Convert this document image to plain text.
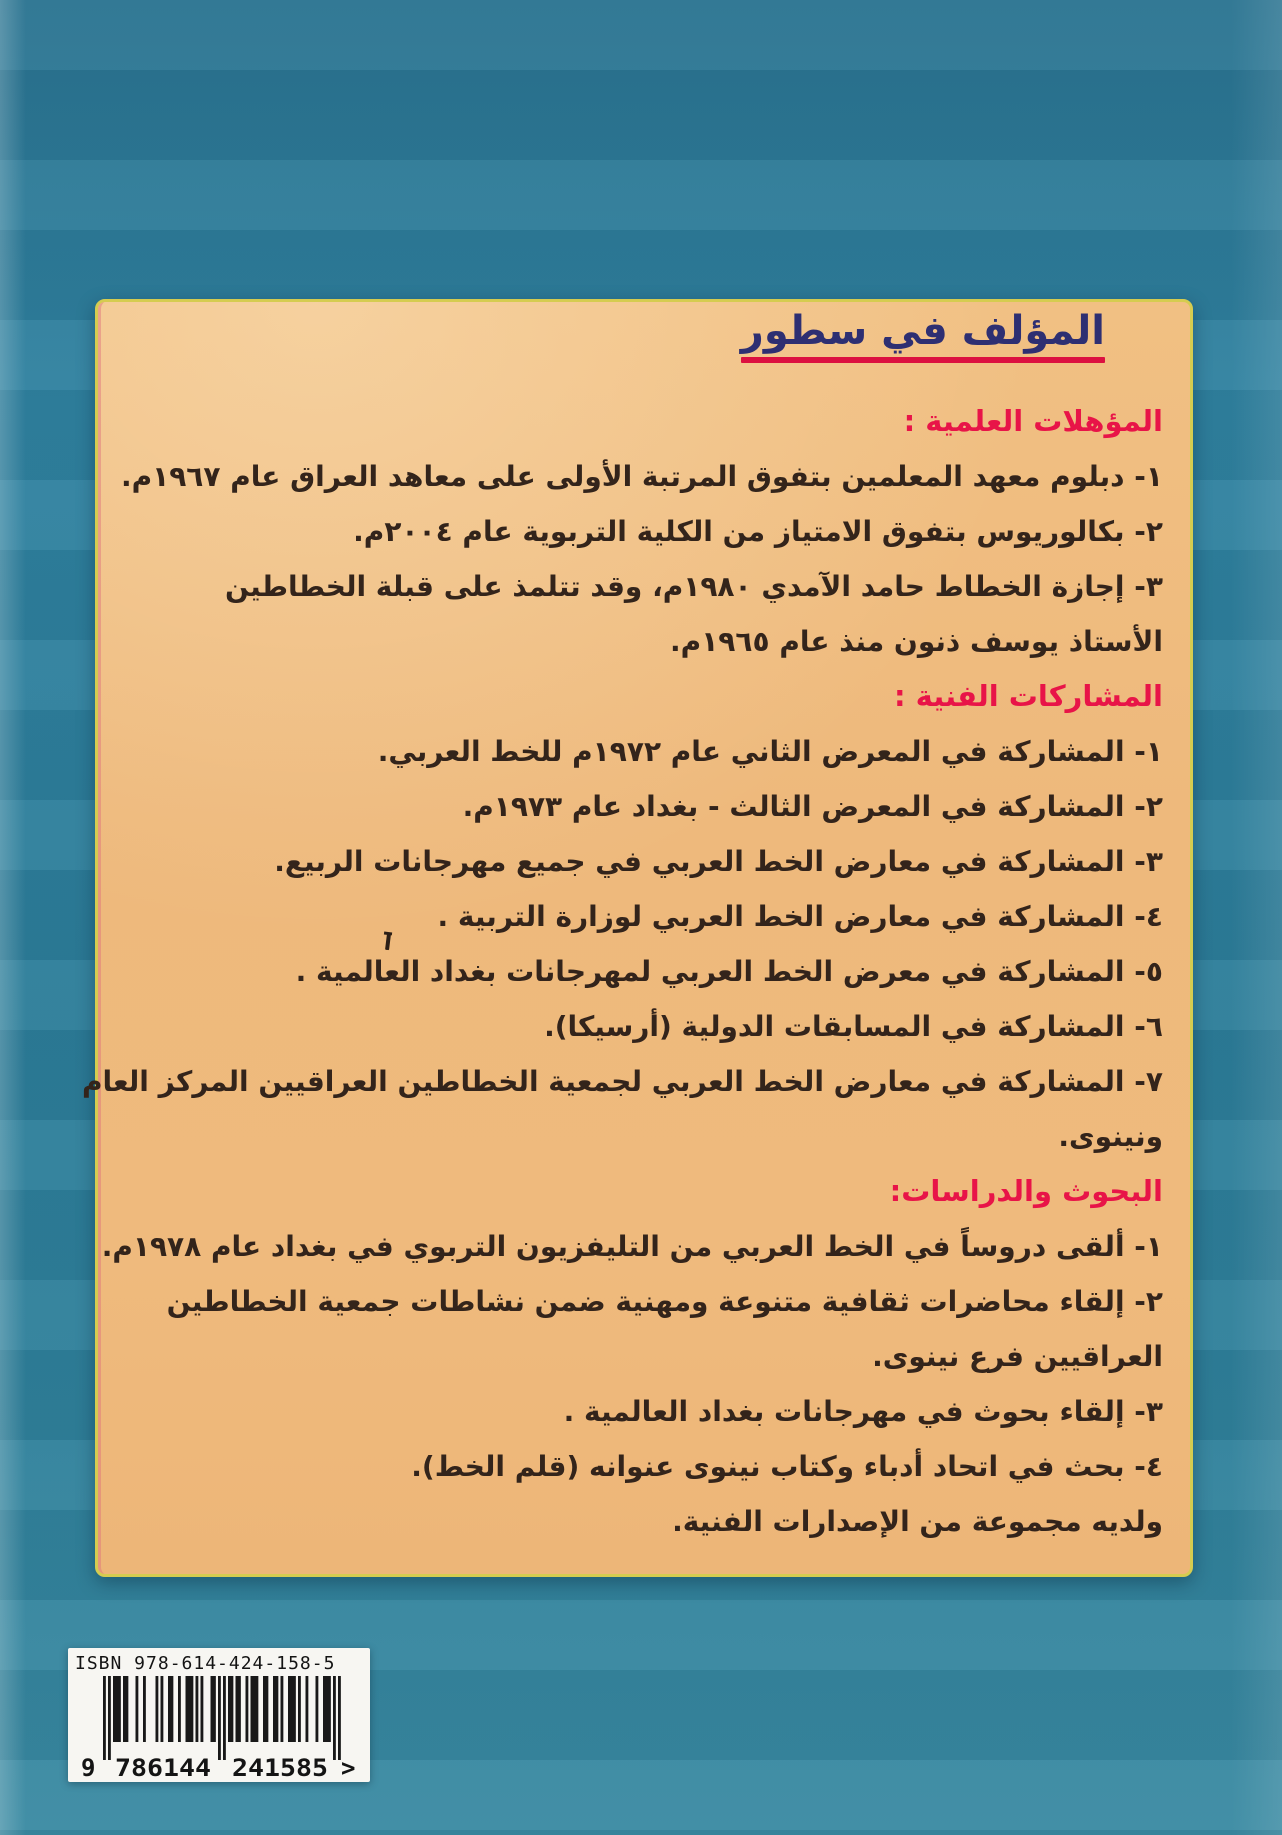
المؤلف في سطور
المؤهلات العلمية :
١- دبلوم معهد المعلمين بتفوق المرتبة الأولى على معاهد العراق عام ١٩٦٧م.
٢- بكالوريوس بتفوق الامتياز من الكلية التربوية عام ٢٠٠٤م.
٣- إجازة الخطاط حامد الآمدي ١٩٨٠م، وقد تتلمذ على قبلة الخطاطين
الأستاذ يوسف ذنون منذ عام ١٩٦٥م.
المشاركات الفنية :
١- المشاركة في المعرض الثاني عام ١٩٧٢م للخط العربي.
٢- المشاركة في المعرض الثالث - بغداد عام ١٩٧٣م.
٣- المشاركة في معارض الخط العربي في جميع مهرجانات الربيع.
٤- المشاركة في معارض الخط العربي لوزارة التربية .
٥- المشاركة في معرض الخط العربي لمهرجانات بغداد العالمية .
٦- المشاركة في المسابقات الدولية (أرسيكا).
٧- المشاركة في معارض الخط العربي لجمعية الخطاطين العراقيين المركز العام
ونينوى.
البحوث والدراسات:
١- ألقى دروساً في الخط العربي من التليفزيون التربوي في بغداد عام ١٩٧٨م.
٢- إلقاء محاضرات ثقافية متنوعة ومهنية ضمن نشاطات جمعية الخطاطين
العراقيين فرع نينوى.
٣- إلقاء بحوث في مهرجانات بغداد العالمية .
٤- بحث في اتحاد أدباء وكتاب نينوى عنوانه (قلم الخط).
ولديه مجموعة من الإصدارات الفنية.
ISBN 978-614-424-158-5
9 786144 241585 >
